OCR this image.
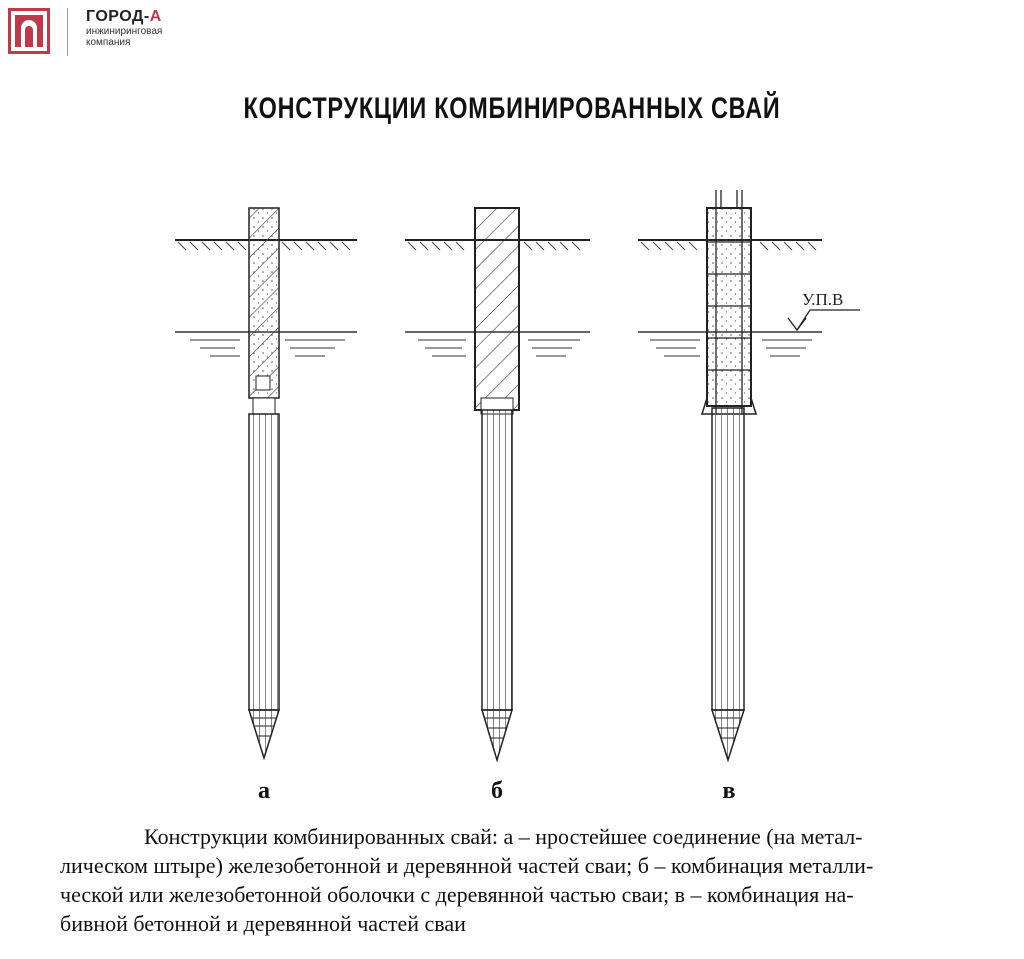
ГОРОД-А
инжиниринговая
компания
КОНСТРУКЦИИ КОМБИНИРОВАННЫХ СВАЙ
У.П.В
а	б	в
Конструкции комбинированных свай: а – нростейшее соединение (на метал-
лическом штыре) железобетонной и деревянной частей сваи; б – комбинация металли-
ческой или железобетонной оболочки с деревянной частью сваи; в – комбинация на-
бивной бетонной и деревянной частей сваи
